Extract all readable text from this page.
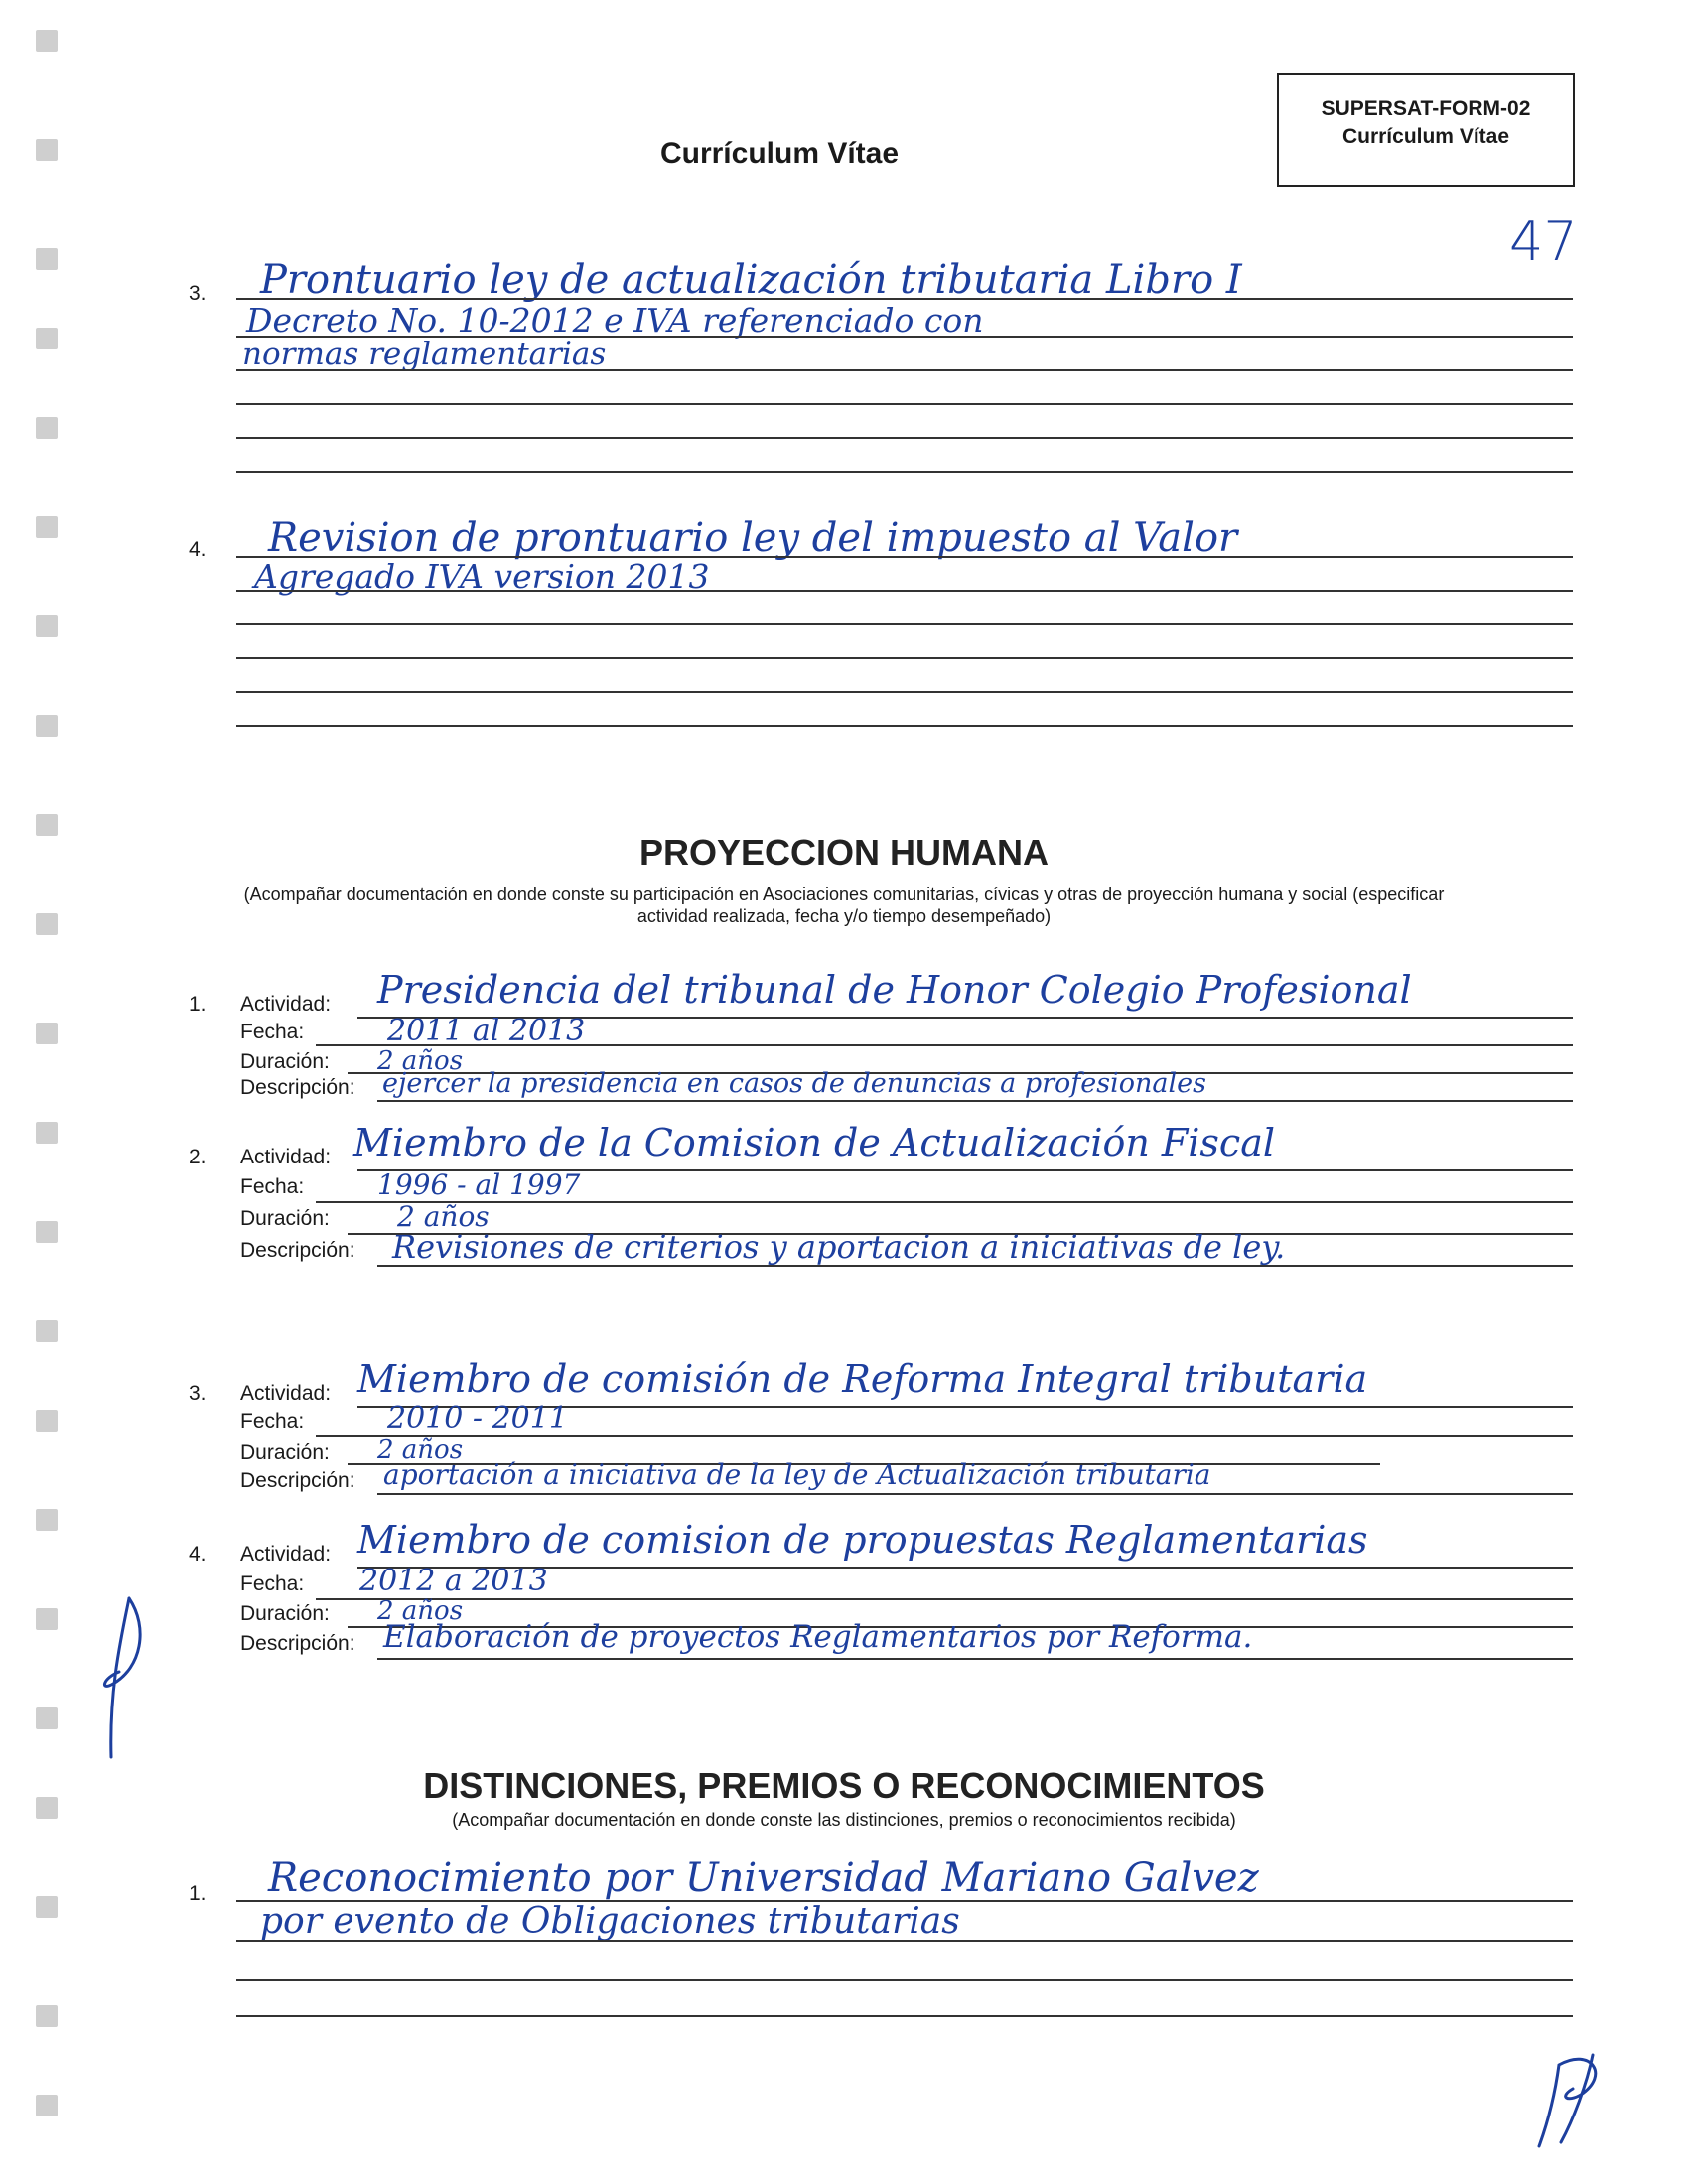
SUPERSAT-FORM-02
Currículum Vítae
Currículum Vítae
47
3. Prontuario ley de actualización tributaria Libro I
Decreto No. 10-2012 e IVA referenciado con
normas reglamentarias
4. Revision de prontuario ley del impuesto al Valor
Agregado IVA version 2013
PROYECCION HUMANA
(Acompañar documentación en donde conste su participación en Asociaciones comunitarias, cívicas y otras de proyección humana y social (especificar
actividad realizada, fecha y/o tiempo desempeñado)
1. Actividad: Presidencia del tribunal de Honor Colegio Profesional
Fecha:	2011 al 2013
Duración: 2 años
Descripción: ejercer la presidencia en casos de denuncias a profesionales
2. Actividad: Miembro de la Comision de Actualización Fiscal
Fecha:	1996 - al 1997
Duración: 2 años
Descripción: Revisiones de criterios y aportacion a iniciativas de ley.
3. Actividad: Miembro de comisión de Reforma Integral tributaria
Fecha:	2010 - 2011
Duración: 2 años
Descripción: aportación a iniciativa de la ley de Actualización tributaria
4. Actividad: Miembro de comision de propuestas Reglamentarias
Fecha: 2012 a 2013
Duración: 2 años
Descripción: Elaboración de proyectos Reglamentarios por Reforma.
DISTINCIONES, PREMIOS O RECONOCIMIENTOS
(Acompañar documentación en donde conste las distinciones, premios o reconocimientos recibida)
1. Reconocimiento por Universidad Mariano Galvez
por evento de Obligaciones tributarias
